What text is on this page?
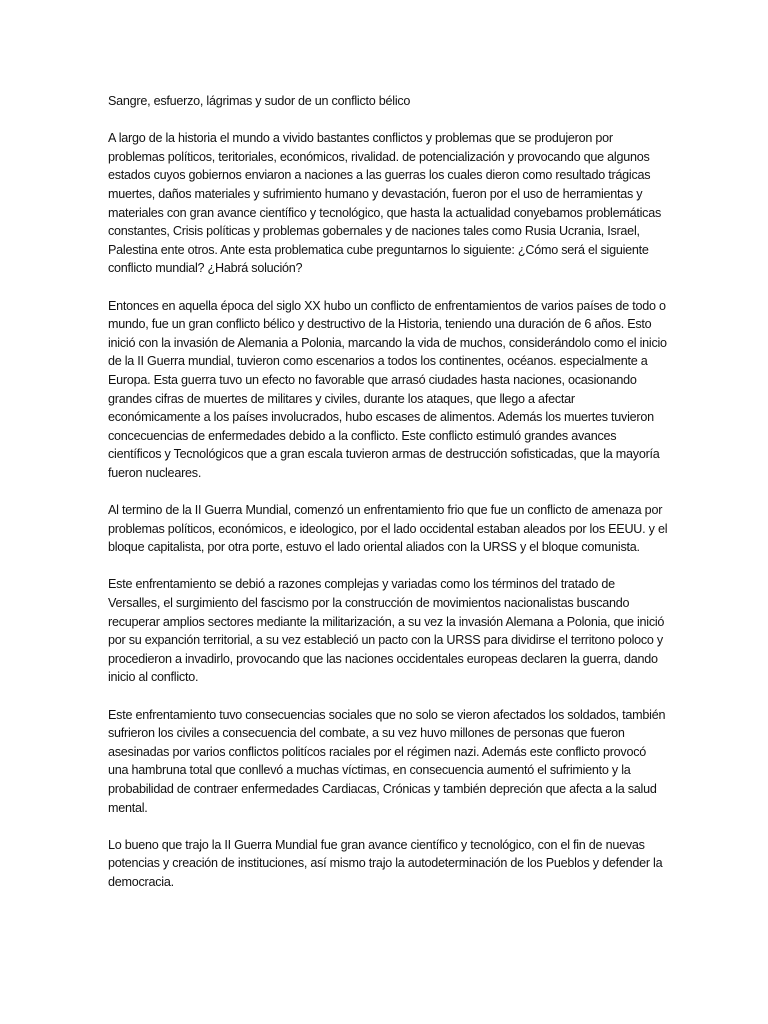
Sangre, esfuerzo, lágrimas y sudor de un conflicto bélico

A largo de la historia el mundo a vivido bastantes conflictos y problemas que se produjeron por problemas políticos, teritoriales, económicos, rivalidad. de potencialización y provocando que algunos estados cuyos gobiernos enviaron a naciones a las guerras los cuales dieron como resultado trágicas muertes, daños materiales y sufrimiento humano y devastación, fueron por el uso de herramientas y materiales con gran avance científico y tecnológico, que hasta la actualidad conyebamos problemáticas constantes, Crisis políticas y problemas gobernales y de naciones tales como Rusia Ucrania, Israel, Palestina ente otros. Ante esta problematica cube preguntarnos lo siguiente: ¿Cómo será el siguiente conflicto mundial? ¿Habrá solución?

Entonces en aquella época del siglo XX hubo un conflicto de enfrentamientos de varios países de todo o mundo, fue un gran conflicto bélico y destructivo de la Historia, teniendo una duración de 6 años. Esto inició con la invasión de Alemania a Polonia, marcando la vida de muchos, considerándolo como el inicio de la II Guerra mundial, tuvieron como escenarios a todos los continentes, océanos. especialmente a Europa. Esta guerra tuvo un efecto no favorable que arrasó ciudades hasta naciones, ocasionando grandes cifras de muertes de militares y civiles, durante los ataques, que llego a afectar económicamente a los países involucrados, hubo escases de alimentos. Además los muertes tuvieron concecuencias de enfermedades debido a la conflicto. Este conflicto estimuló grandes avances científicos y Tecnológicos que a gran escala tuvieron armas de destrucción sofisticadas, que la mayoría fueron nucleares.

Al termino de la II Guerra Mundial, comenzó un enfrentamiento frio que fue un conflicto de amenaza por problemas políticos, económicos, e ideologico, por el lado occidental estaban aleados por los EEUU. y el bloque capitalista, por otra porte, estuvo el lado oriental aliados con la URSS y el bloque comunista.

Este enfrentamiento se debió a razones complejas y variadas como los términos del tratado de Versalles, el surgimiento del fascismo por la construcción de movimientos nacionalistas buscando recuperar amplios sectores mediante la militarización, a su vez la invasión Alemana a Polonia, que inició por su expanción territorial, a su vez estableció un pacto con la URSS para dividirse el territono poloco y procedieron a invadirlo, provocando que las naciones occidentales europeas declaren la guerra, dando inicio al conflicto.

Este enfrentamiento tuvo consecuencias sociales que no solo se vieron afectados los soldados, también sufrieron los civiles a consecuencia del combate, a su vez huvo millones de personas que fueron asesinadas por varios conflictos politícos raciales por el régimen nazi. Además este conflicto provocó una hambruna total que conllevó a muchas víctimas, en consecuencia aumentó el sufrimiento y la probabilidad de contraer enfermedades Cardiacas, Crónicas y también depreción que afecta a la salud mental.

Lo bueno que trajo la II Guerra Mundial fue gran avance científico y tecnológico, con el fin de nuevas potencias y creación de instituciones, así mismo trajo la autodeterminación de los Pueblos y defender la democracia.
